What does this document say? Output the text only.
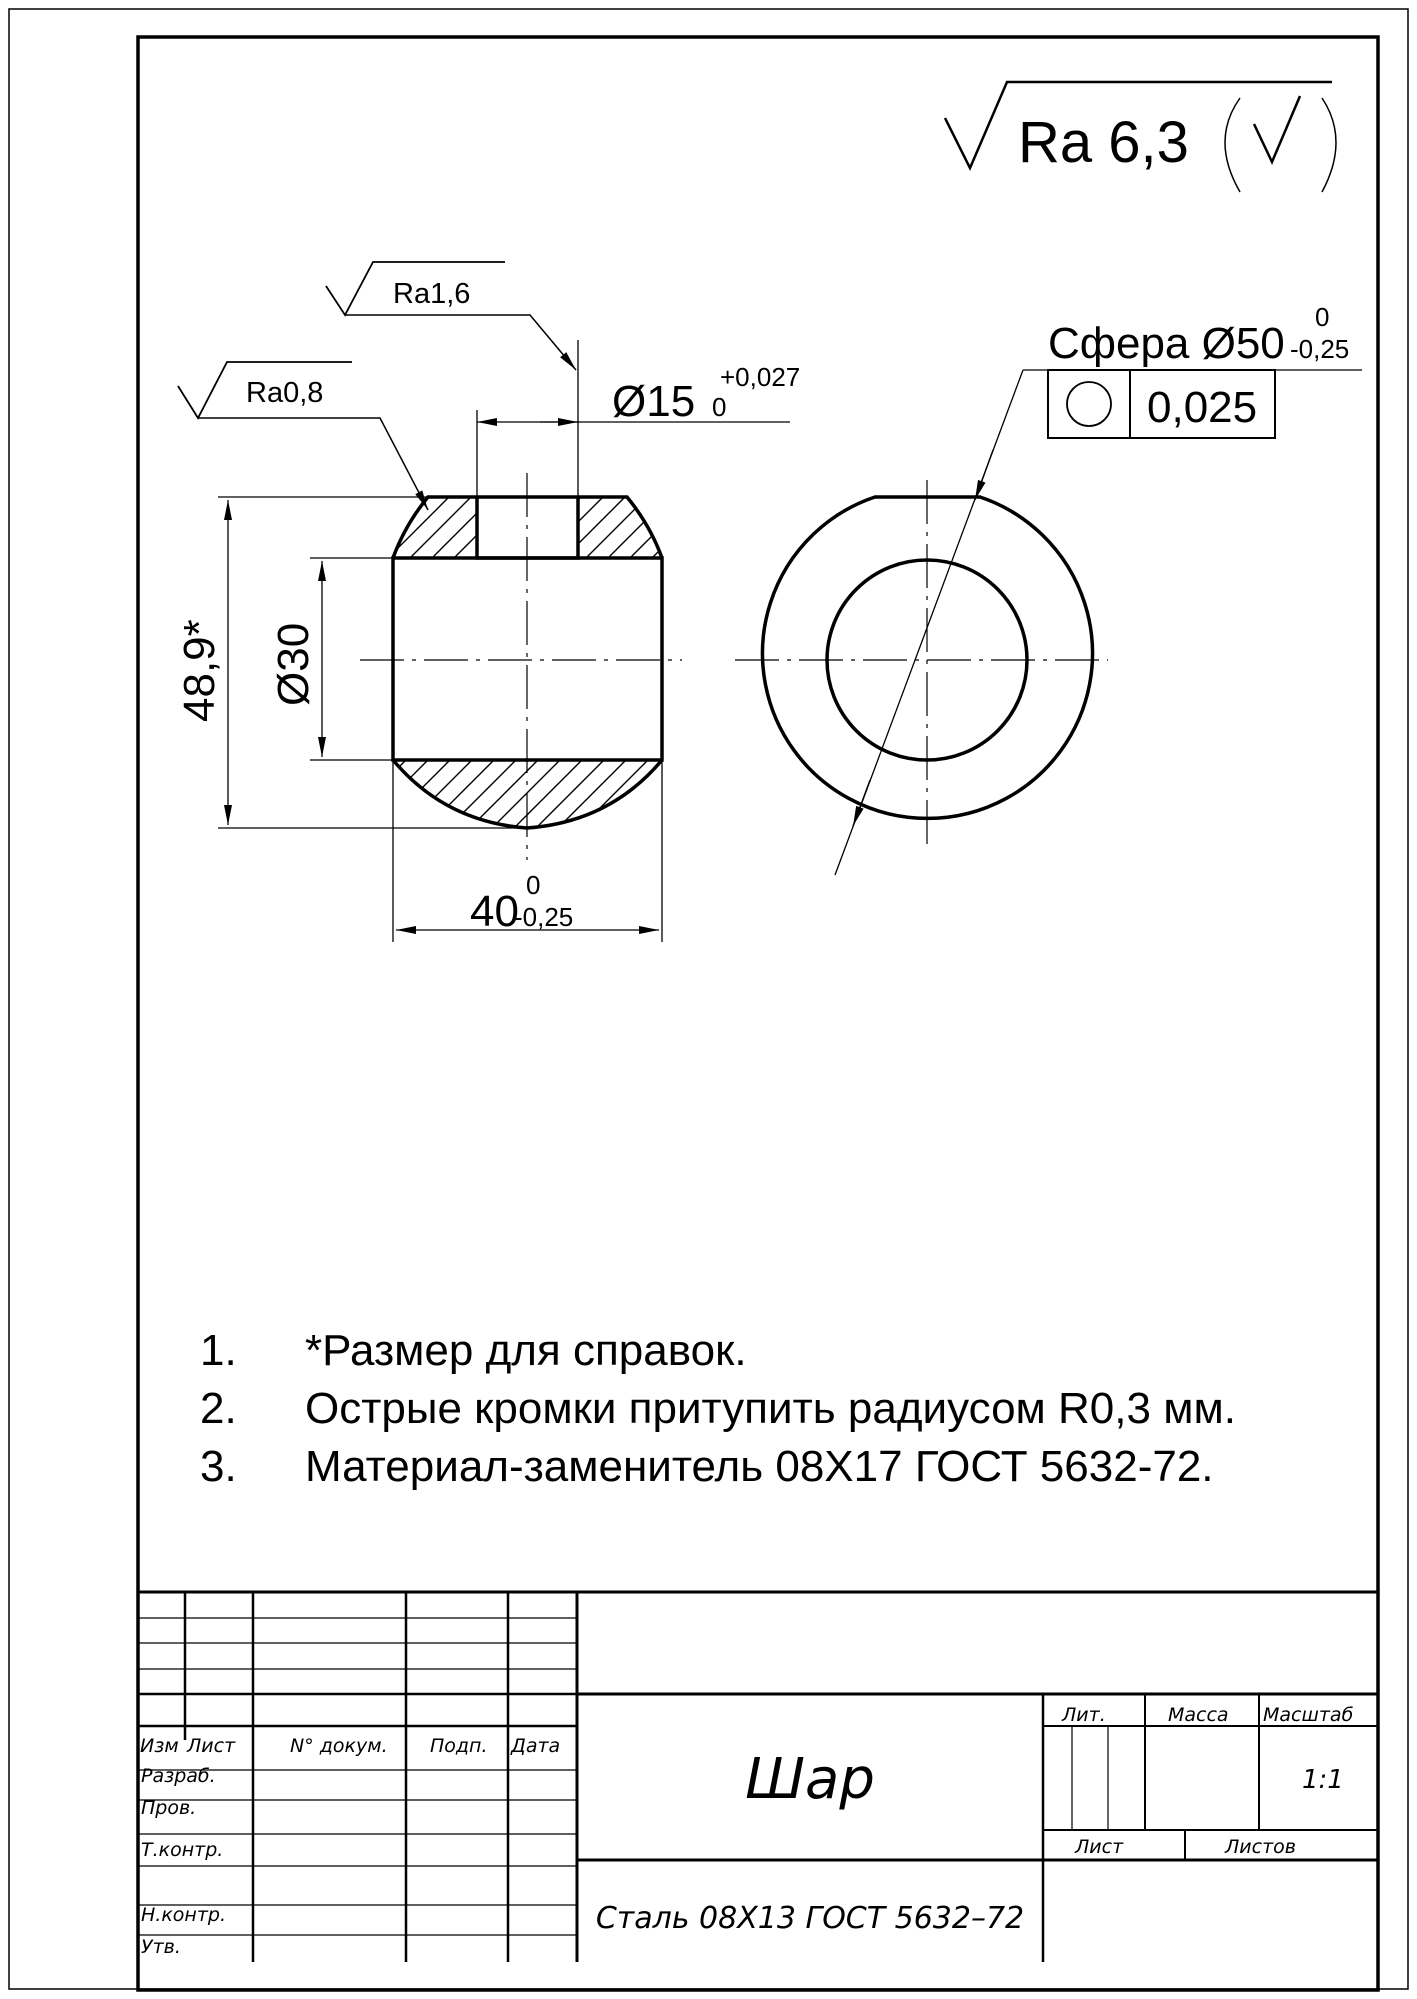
Ra 6,3
Ra1,6
Ra0,8	Ø15 +0,027
0
48,9* Ø30
40
0
-0,25
Сфера Ø50
0
-0,25
0,025
Изм Лист	N° докум. Подп. Дата
Разраб.
Пров.
Т.контр.
Н.контр.
Утв.
Шар
Сталь 08Х13 ГОСТ 5632–72
Лит.	Масса Масштаб
1:1
Лист	Листов
1.	*Размер для справок.
2.	Острые кромки притупить радиусом R0,3 мм.
3.	Материал-заменитель 08Х17 ГОСТ 5632-72.
